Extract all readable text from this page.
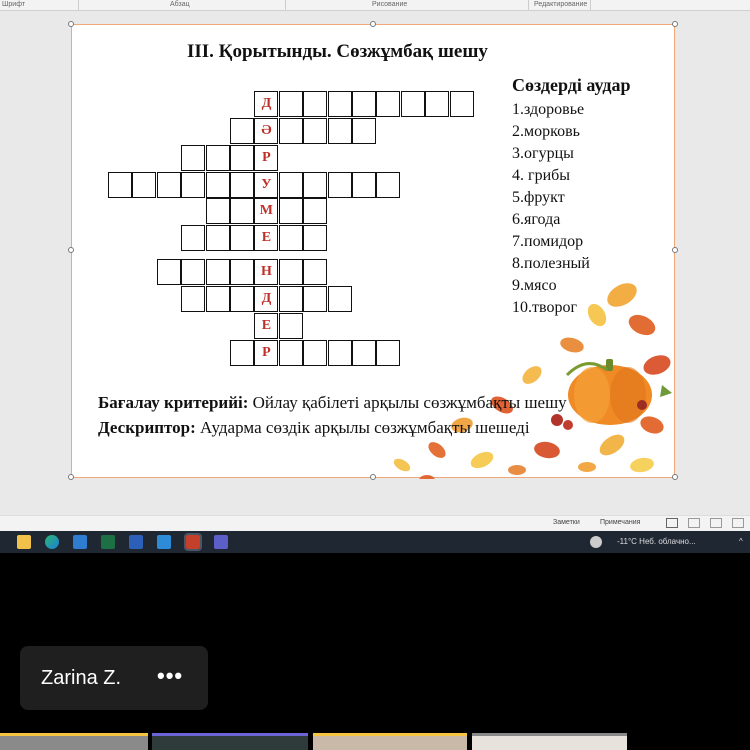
Шрифт	Абзац	Рисование	Редактирование
III. Қорытынды. Сөзжұмбақ шешу
Сөздерді аудар
1.здоровье
2.морковь
3.огурцы
4. грибы
5.фрукт
6.ягода
7.помидор
8.полезный
9.мясо
10.творог
Д
Ә
Р
У
М
Е
Н
Д
Е
Р
Бағалау критерийі: Ойлау қабілеті арқылы сөзжұмбақты шешу
Дескриптор: Аудармa сөздік арқылы сөзжұмбақты шешеді
Заметки	Примечания
-11°C Неб. облачно...	^
Zarina Z. •••
